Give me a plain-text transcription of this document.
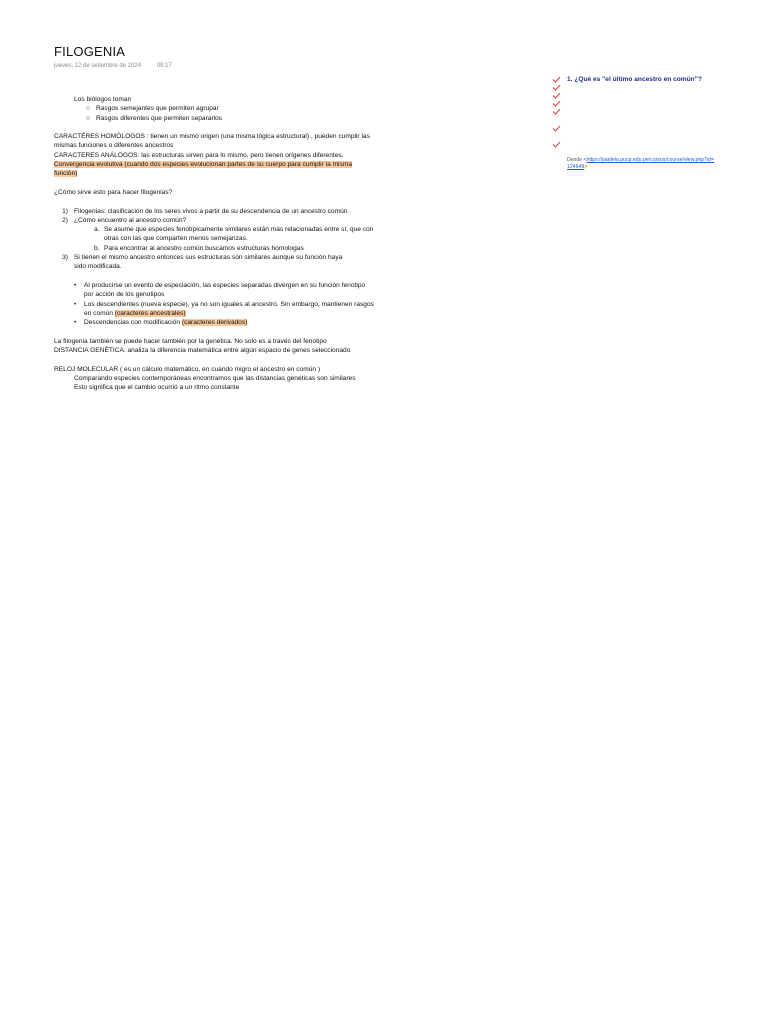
FILOGENIA
jueves, 12 de setiembre de 2024	09:17

Los biólogos toman

○ Rasgos semejantes que permiten agrupar
○ Rasgos diferentes que permiten separarlos

CARACTÉRES HOMÓLOGOS : tienen un mismo origen (una misma lógica estructural) , pueden cumplir las

mismas funciones o diferentes ancestros

CARACTERES ANÁLOGOS: las estructuras sirven para lo mismo, pero tienen orígenes diferentes.

Convergencia evolutiva (cuando dos especies evolucionan partes de su cuerpo para cumplir la misma

función)

¿Cómo sirve esto para hacer filogenias?

1) Filogenias: clasificación de los seres vivos a partir de su descendencia de un ancestro común.
2) ¿Cómo encuentro al ancestro común?
a. Se asume que especies fenotípicamente similares están más relacionadas entre sí, que con
otras con las que comparten menos semejanzas.
b. Para encontrar al ancestro común buscamos estructuras homologas
3) Si tienen el mismo ancestro entonces sus estructuras son similares aunque su función haya
sido modificada.
•	Al producirse un evento de especiación, las especies separadas divergen en su función fenotipo
por acción de los genotipos
•	Los descendientes (nueva especie), ya no son iguales al ancestro. Sin embargo, mantienen rasgos
en común (caracteres ancestrales)
•	Descendencias con modificación (caracteres derivados)

La filogenia también se puede hacer también por la genética. No solo es a través del fenotipo

DISTANCIA GENÉTICA: analiza la diferencia matemática entre algún espacio de genes seleccionado

RELOJ MOLECULAR ( es un cálculo matemático, en cuando migro el ancestro en común )

Comparando especies contemporáneas encontramos que las distancias genéticas son similares

Esto significa que el cambio ocurrió a un ritmo constante

1. ¿Qué es "el último ancestro en común"?
Desde <https://paideia.pucp.edu.pe/cursos/course/view.php?id=
124649>
